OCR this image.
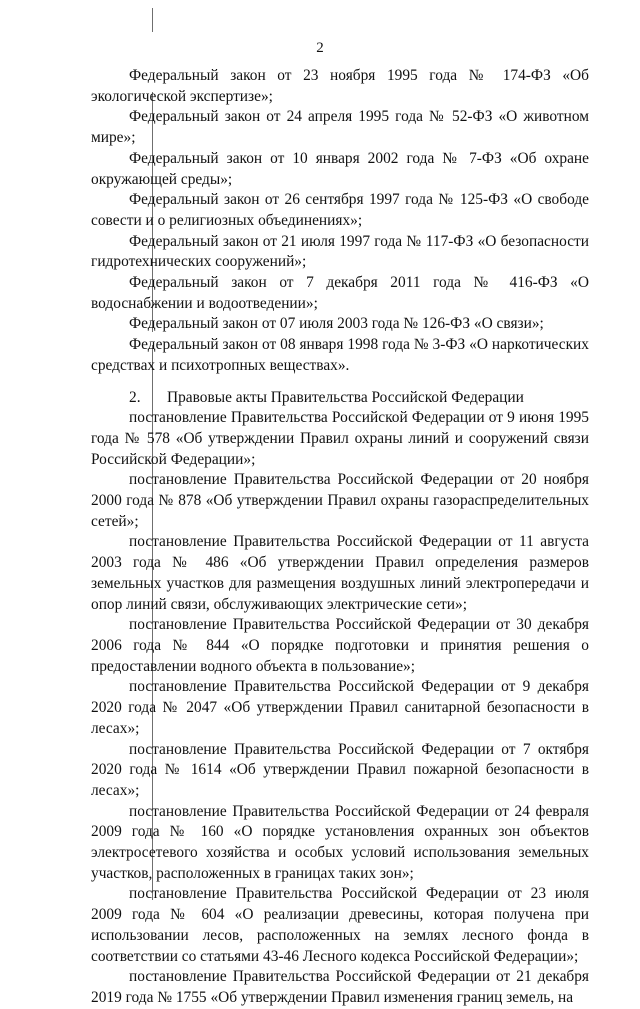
2

Федеральный закон от 23 ноября 1995 года № 174-ФЗ «Об экологической экспертизе»;

Федеральный закон от 24 апреля 1995 года № 52-ФЗ «О животном мире»;

Федеральный закон от 10 января 2002 года № 7-ФЗ «Об охране окружающей среды»;

Федеральный закон от 26 сентября 1997 года № 125-ФЗ «О свободе совести и о религиозных объединениях»;

Федеральный закон от 21 июля 1997 года № 117-ФЗ «О безопасности гидротехнических сооружений»;

Федеральный закон от 7 декабря 2011 года № 416-ФЗ «О водоснабжении и водоотведении»;

Федеральный закон от 07 июля 2003 года № 126-ФЗ «О связи»;

Федеральный закон от 08 января 1998 года № 3-ФЗ «О наркотических средствах и психотропных веществах».

2.	Правовые акты Правительства Российской Федерации

постановление Правительства Российской Федерации от 9 июня 1995 года № 578 «Об утверждении Правил охраны линий и сооружений связи Российской Федерации»;

постановление Правительства Российской Федерации от 20 ноября 2000 года № 878 «Об утверждении Правил охраны газораспределительных сетей»;

постановление Правительства Российской Федерации от 11 августа 2003 года № 486 «Об утверждении Правил определения размеров земельных участков для размещения воздушных линий электропередачи и опор линий связи, обслуживающих электрические сети»;

постановление Правительства Российской Федерации от 30 декабря 2006 года № 844 «О порядке подготовки и принятия решения о предоставлении водного объекта в пользование»;

постановление Правительства Российской Федерации от 9 декабря 2020 года № 2047 «Об утверждении Правил санитарной безопасности в лесах»;

постановление Правительства Российской Федерации от 7 октября 2020 года № 1614 «Об утверждении Правил пожарной безопасности в лесах»;

постановление Правительства Российской Федерации от 24 февраля 2009 года № 160 «О порядке установления охранных зон объектов электросетевого хозяйства и особых условий использования земельных участков, расположенных в границах таких зон»;

постановление Правительства Российской Федерации от 23 июля 2009 года № 604 «О реализации древесины, которая получена при использовании лесов, расположенных на землях лесного фонда в соответствии со статьями 43-46 Лесного кодекса Российской Федерации»;

постановление Правительства Российской Федерации от 21 декабря 2019 года № 1755 «Об утверждении Правил изменения границ земель, на
